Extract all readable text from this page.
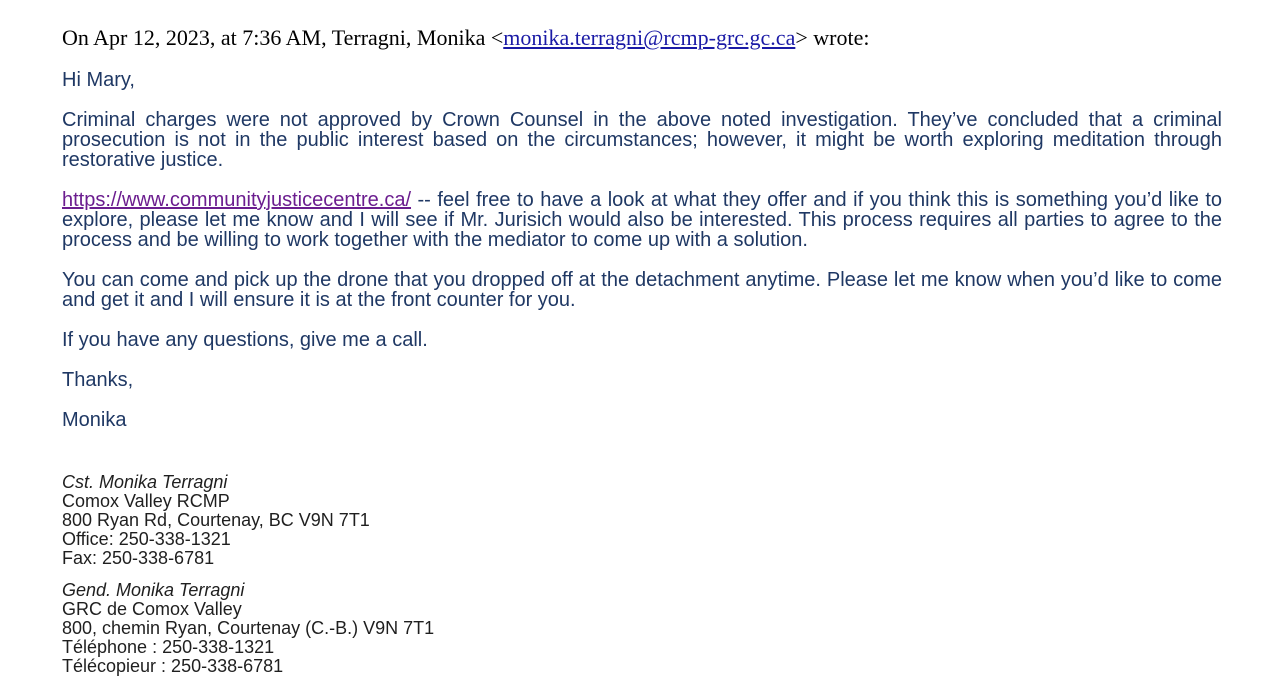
On Apr 12, 2023, at 7:36 AM, Terragni, Monika <monika.terragni@rcmp-grc.gc.ca> wrote:

Hi Mary,

Criminal charges were not approved by Crown Counsel in the above noted investigation. They’ve concluded that a criminal prosecution is not in the public interest based on the circumstances; however, it might be worth exploring meditation through restorative justice.

https://www.communityjusticecentre.ca/ -- feel free to have a look at what they offer and if you think this is something you’d like to explore, please let me know and I will see if Mr. Jurisich would also be interested. This process requires all parties to agree to the process and be willing to work together with the mediator to come up with a solution.

You can come and pick up the drone that you dropped off at the detachment anytime. Please let me know when you’d like to come and get it and I will ensure it is at the front counter for you.

If you have any questions, give me a call.

Thanks,

Monika

Cst. Monika Terragni
Comox Valley RCMP
800 Ryan Rd, Courtenay, BC V9N 7T1
Office: 250-338-1321
Fax: 250-338-6781
Gend. Monika Terragni
GRC de Comox Valley
800, chemin Ryan, Courtenay (C.-B.) V9N 7T1
Téléphone : 250-338-1321
Télécopieur : 250-338-6781
